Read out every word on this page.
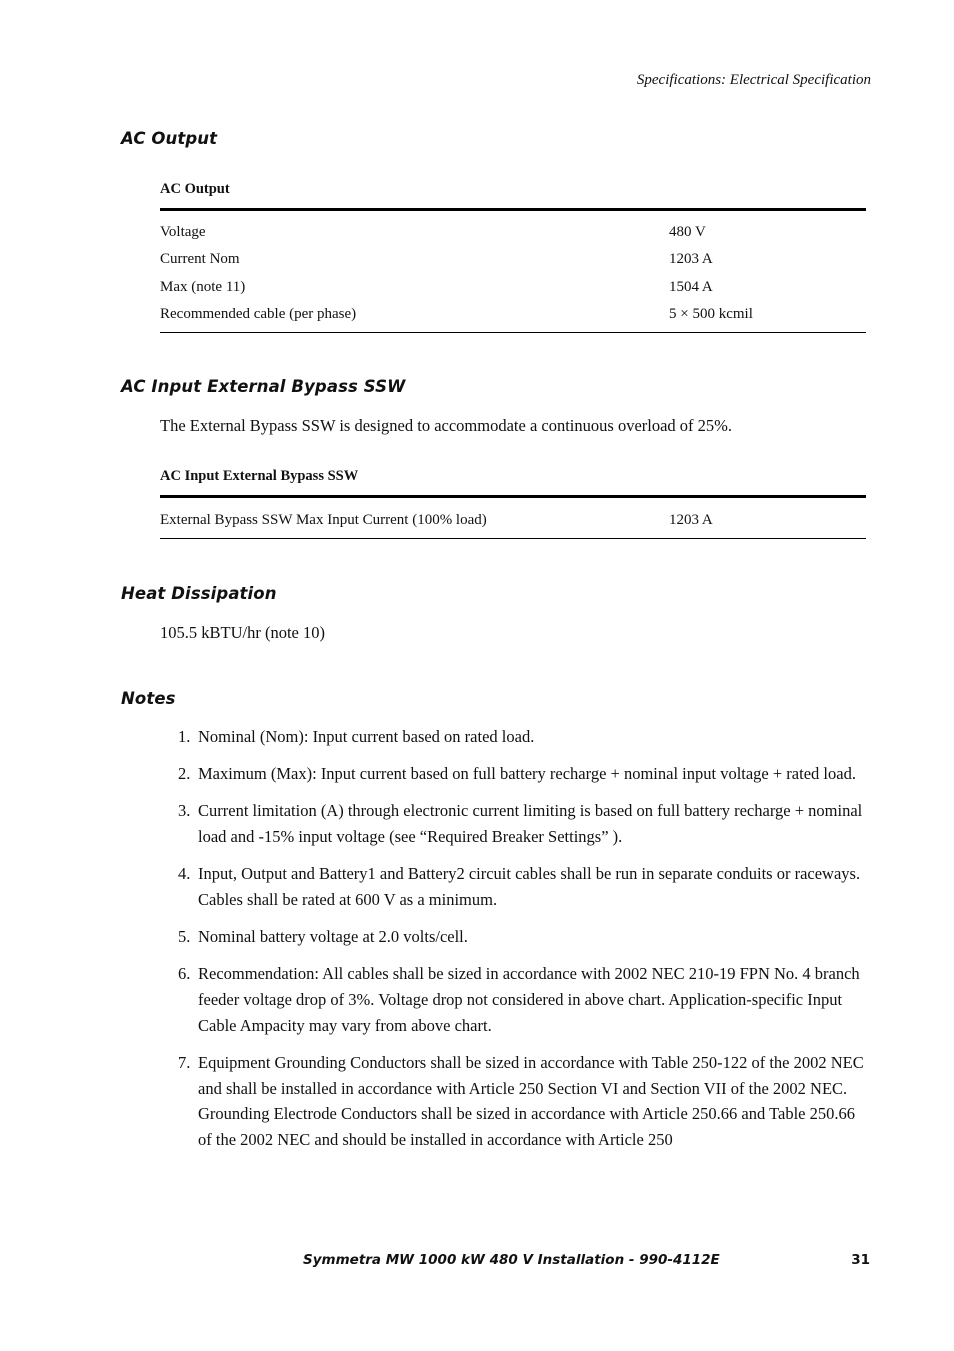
Specifications: Electrical Specification
AC Output
AC Output
Voltage	480 V
Current Nom	1203 A
Max (note 11)	1504 A
Recommended cable (per phase)	5 × 500 kcmil
AC Input External Bypass SSW
The External Bypass SSW is designed to accommodate a continuous overload of 25%.
AC Input External Bypass SSW
External Bypass SSW Max Input Current (100% load)	1203 A
Heat Dissipation
105.5 kBTU/hr (note 10)
Notes
1. Nominal (Nom): Input current based on rated load.
2. Maximum (Max): Input current based on full battery recharge + nominal input voltage + rated load.
3. Current limitation (A) through electronic current limiting is based on full battery recharge + nominal load and -15% input voltage (see “Required Breaker Settings” ).
4. Input, Output and Battery1 and Battery2 circuit cables shall be run in separate conduits or raceways. Cables shall be rated at 600 V as a minimum.
5. Nominal battery voltage at 2.0 volts/cell.
6. Recommendation: All cables shall be sized in accordance with 2002 NEC 210-19 FPN No. 4 branch feeder voltage drop of 3%. Voltage drop not considered in above chart. Application-specific Input Cable Ampacity may vary from above chart.
7. Equipment Grounding Conductors shall be sized in accordance with Table 250-122 of the 2002 NEC and shall be installed in accordance with Article 250 Section VI and Section VII of the 2002 NEC. Grounding Electrode Conductors shall be sized in accordance with Article 250.66 and Table 250.66 of the 2002 NEC and should be installed in accordance with Article 250
Symmetra MW 1000 kW 480 V Installation - 990-4112E	31
